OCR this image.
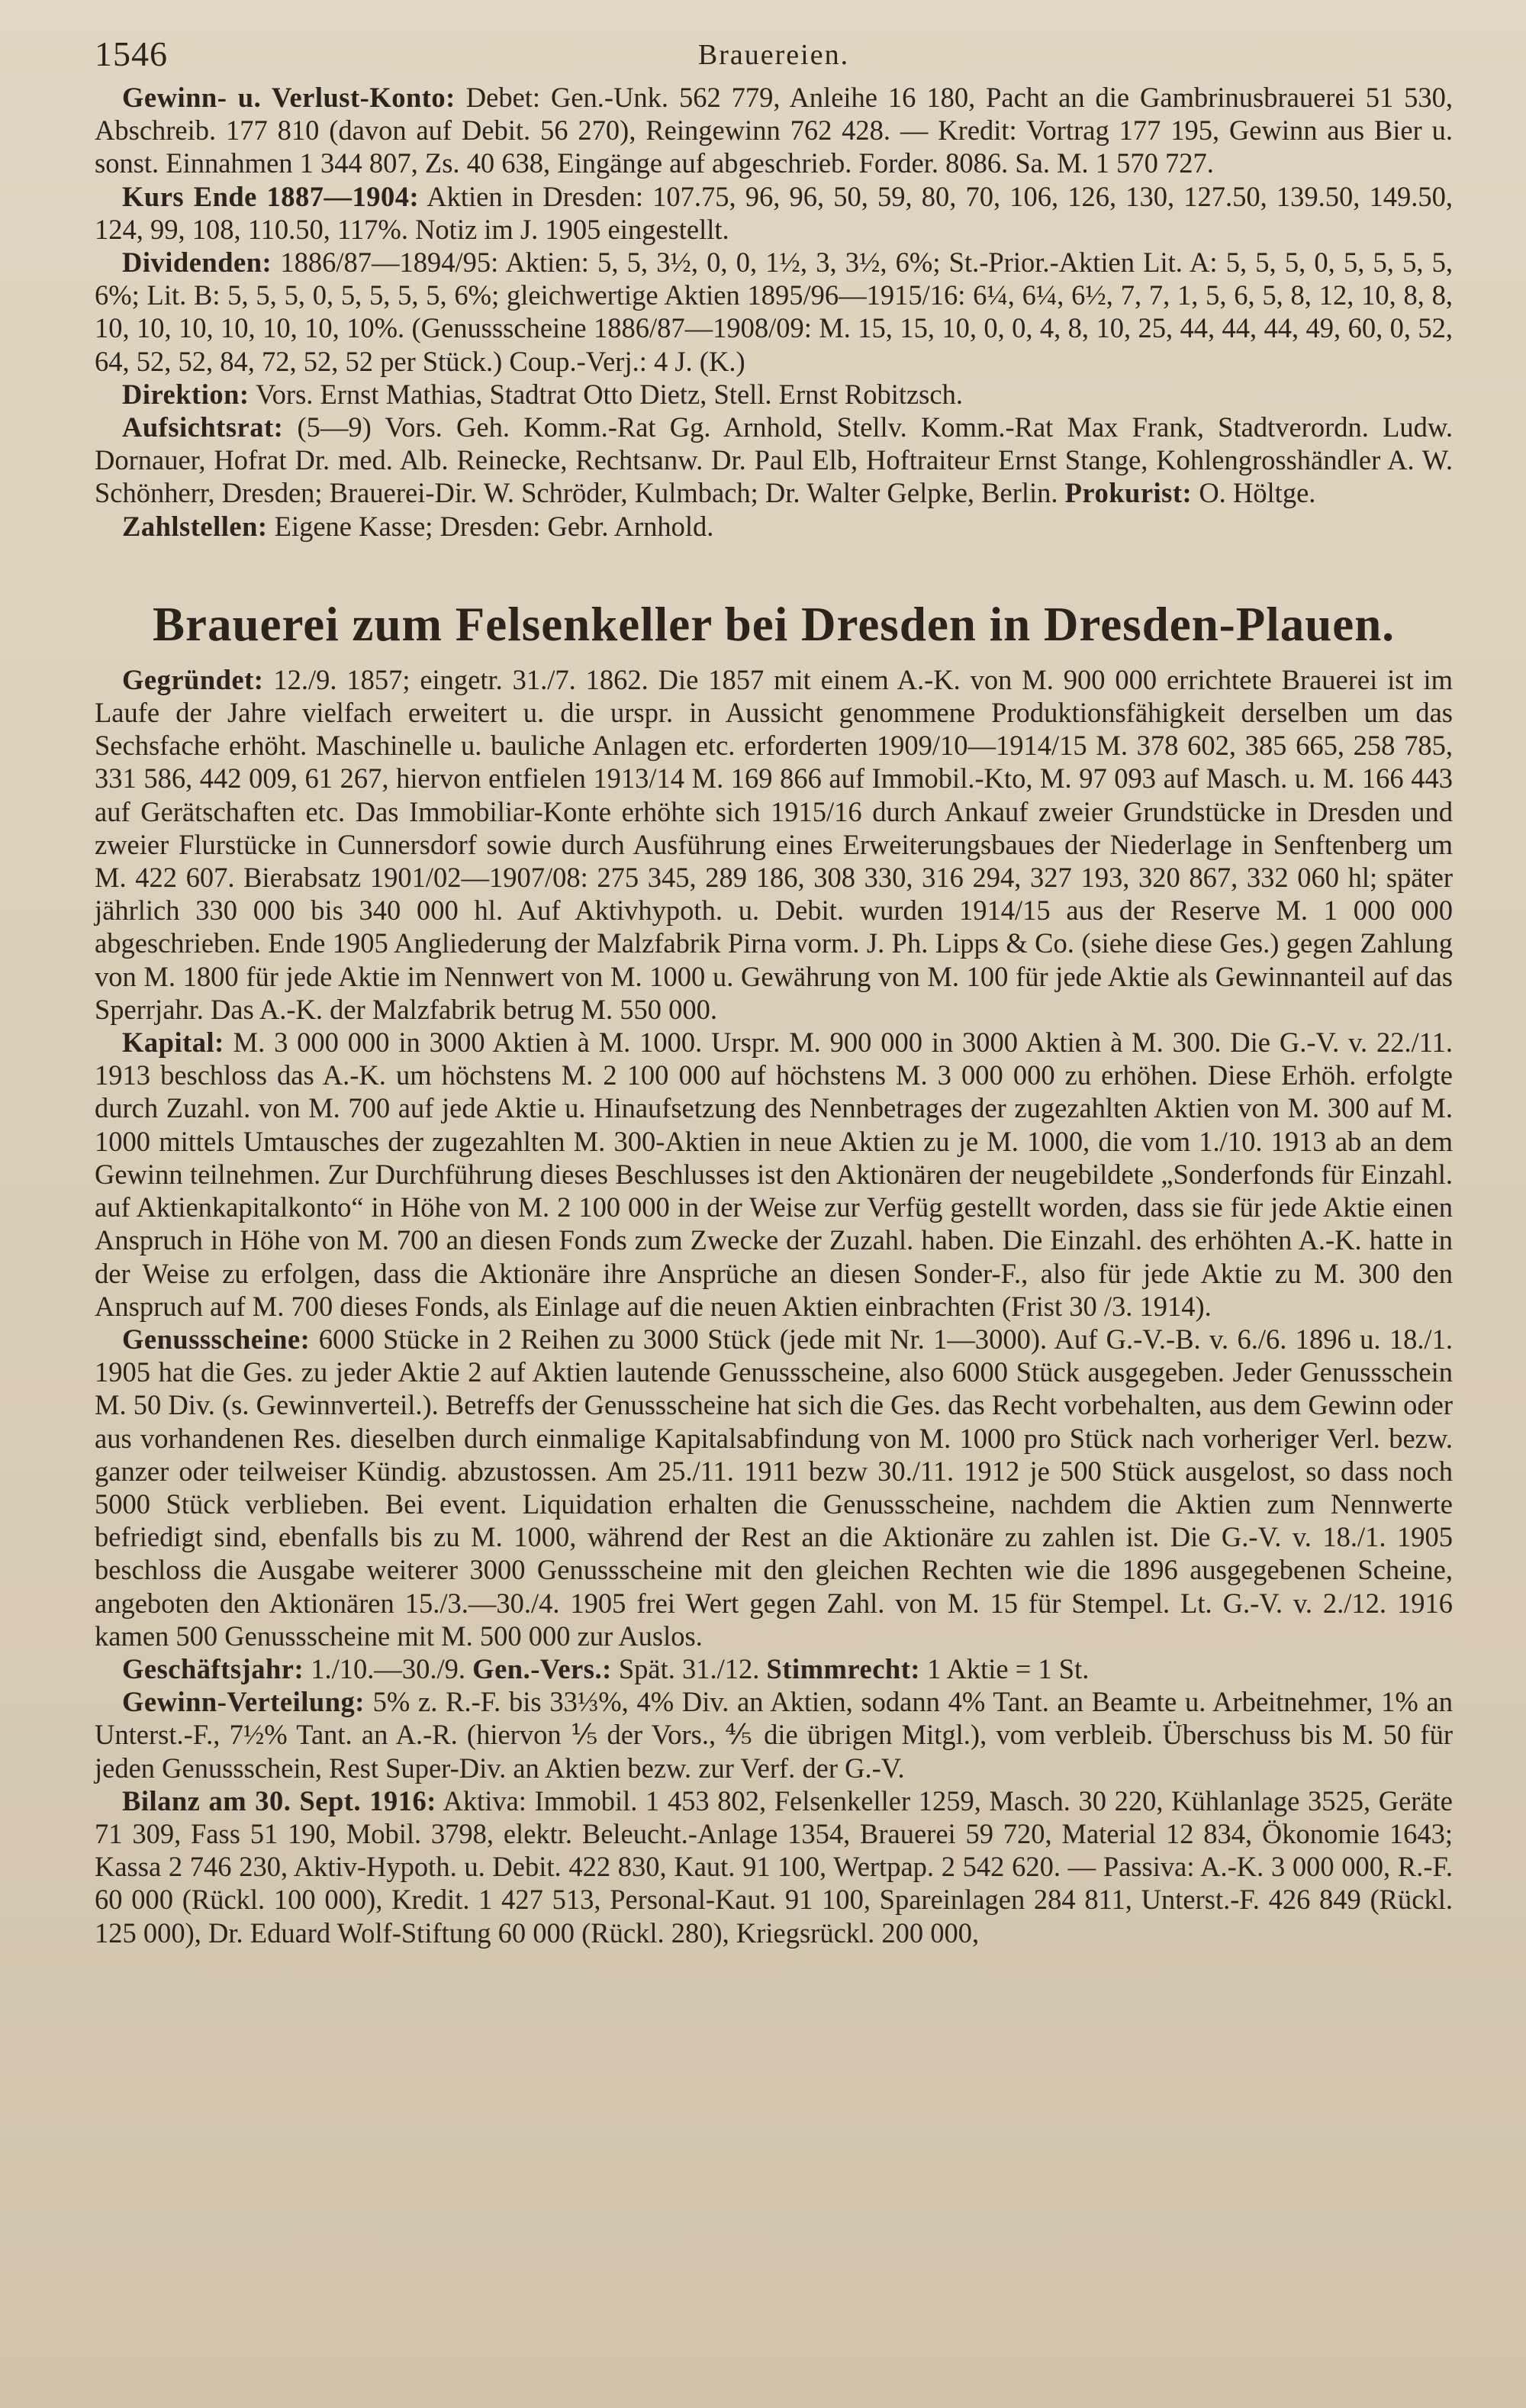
1546	Brauereien.

Gewinn- u. Verlust-Konto: Debet: Gen.-Unk. 562 779, Anleihe 16 180, Pacht an die Gambrinusbrauerei 51 530, Abschreib. 177 810 (davon auf Debit. 56 270), Reingewinn 762 428. — Kredit: Vortrag 177 195, Gewinn aus Bier u. sonst. Einnahmen 1 344 807, Zs. 40 638, Eingänge auf abgeschrieb. Forder. 8086. Sa. M. 1 570 727.

Kurs Ende 1887—1904: Aktien in Dresden: 107.75, 96, 96, 50, 59, 80, 70, 106, 126, 130, 127.50, 139.50, 149.50, 124, 99, 108, 110.50, 117%. Notiz im J. 1905 eingestellt.

Dividenden: 1886/87—1894/95: Aktien: 5, 5, 3½, 0, 0, 1½, 3, 3½, 6%; St.-Prior.-Aktien Lit. A: 5, 5, 5, 0, 5, 5, 5, 5, 6%; Lit. B: 5, 5, 5, 0, 5, 5, 5, 5, 6%; gleichwertige Aktien 1895/96—1915/16: 6¼, 6¼, 6½, 7, 7, 1, 5, 6, 5, 8, 12, 10, 8, 8, 10, 10, 10, 10, 10, 10, 10%. (Genussscheine 1886/87—1908/09: M. 15, 15, 10, 0, 0, 4, 8, 10, 25, 44, 44, 44, 49, 60, 0, 52, 64, 52, 52, 84, 72, 52, 52 per Stück.) Coup.-Verj.: 4 J. (K.)

Direktion: Vors. Ernst Mathias, Stadtrat Otto Dietz, Stell. Ernst Robitzsch.

Aufsichtsrat: (5—9) Vors. Geh. Komm.-Rat Gg. Arnhold, Stellv. Komm.-Rat Max Frank, Stadtverordn. Ludw. Dornauer, Hofrat Dr. med. Alb. Reinecke, Rechtsanw. Dr. Paul Elb, Hoftraiteur Ernst Stange, Kohlengrosshändler A. W. Schönherr, Dresden; Brauerei-Dir. W. Schröder, Kulmbach; Dr. Walter Gelpke, Berlin. Prokurist: O. Höltge.

Zahlstellen: Eigene Kasse; Dresden: Gebr. Arnhold.

Brauerei zum Felsenkeller bei Dresden in Dresden-Plauen.

Gegründet: 12./9. 1857; eingetr. 31./7. 1862. Die 1857 mit einem A.-K. von M. 900 000 errichtete Brauerei ist im Laufe der Jahre vielfach erweitert u. die urspr. in Aussicht genommene Produktionsfähigkeit derselben um das Sechsfache erhöht. Maschinelle u. bauliche Anlagen etc. erforderten 1909/10—1914/15 M. 378 602, 385 665, 258 785, 331 586, 442 009, 61 267, hiervon entfielen 1913/14 M. 169 866 auf Immobil.-Kto, M. 97 093 auf Masch. u. M. 166 443 auf Gerätschaften etc. Das Immobiliar-Konte erhöhte sich 1915/16 durch Ankauf zweier Grundstücke in Dresden und zweier Flurstücke in Cunnersdorf sowie durch Ausführung eines Erweiterungsbaues der Niederlage in Senftenberg um M. 422 607. Bierabsatz 1901/02—1907/08: 275 345, 289 186, 308 330, 316 294, 327 193, 320 867, 332 060 hl; später jährlich 330 000 bis 340 000 hl. Auf Aktivhypoth. u. Debit. wurden 1914/15 aus der Reserve M. 1 000 000 abgeschrieben. Ende 1905 Angliederung der Malzfabrik Pirna vorm. J. Ph. Lipps & Co. (siehe diese Ges.) gegen Zahlung von M. 1800 für jede Aktie im Nennwert von M. 1000 u. Gewährung von M. 100 für jede Aktie als Gewinnanteil auf das Sperrjahr. Das A.-K. der Malzfabrik betrug M. 550 000.

Kapital: M. 3 000 000 in 3000 Aktien à M. 1000. Urspr. M. 900 000 in 3000 Aktien à M. 300. Die G.-V. v. 22./11. 1913 beschloss das A.-K. um höchstens M. 2 100 000 auf höchstens M. 3 000 000 zu erhöhen. Diese Erhöh. erfolgte durch Zuzahl. von M. 700 auf jede Aktie u. Hinaufsetzung des Nennbetrages der zugezahlten Aktien von M. 300 auf M. 1000 mittels Umtausches der zugezahlten M. 300-Aktien in neue Aktien zu je M. 1000, die vom 1./10. 1913 ab an dem Gewinn teilnehmen. Zur Durchführung dieses Beschlusses ist den Aktionären der neugebildete „Sonderfonds für Einzahl. auf Aktienkapitalkonto“ in Höhe von M. 2 100 000 in der Weise zur Verfüg gestellt worden, dass sie für jede Aktie einen Anspruch in Höhe von M. 700 an diesen Fonds zum Zwecke der Zuzahl. haben. Die Einzahl. des erhöhten A.-K. hatte in der Weise zu erfolgen, dass die Aktionäre ihre Ansprüche an diesen Sonder-F., also für jede Aktie zu M. 300 den Anspruch auf M. 700 dieses Fonds, als Einlage auf die neuen Aktien einbrachten (Frist 30 /3. 1914).

Genussscheine: 6000 Stücke in 2 Reihen zu 3000 Stück (jede mit Nr. 1—3000). Auf G.-V.-B. v. 6./6. 1896 u. 18./1. 1905 hat die Ges. zu jeder Aktie 2 auf Aktien lautende Genussscheine, also 6000 Stück ausgegeben. Jeder Genussschein M. 50 Div. (s. Gewinnverteil.). Betreffs der Genussscheine hat sich die Ges. das Recht vorbehalten, aus dem Gewinn oder aus vorhandenen Res. dieselben durch einmalige Kapitalsabfindung von M. 1000 pro Stück nach vorheriger Verl. bezw. ganzer oder teilweiser Kündig. abzustossen. Am 25./11. 1911 bezw 30./11. 1912 je 500 Stück ausgelost, so dass noch 5000 Stück verblieben. Bei event. Liquidation erhalten die Genussscheine, nachdem die Aktien zum Nennwerte befriedigt sind, ebenfalls bis zu M. 1000, während der Rest an die Aktionäre zu zahlen ist. Die G.-V. v. 18./1. 1905 beschloss die Ausgabe weiterer 3000 Genussscheine mit den gleichen Rechten wie die 1896 ausgegebenen Scheine, angeboten den Aktionären 15./3.—30./4. 1905 frei Wert gegen Zahl. von M. 15 für Stempel. Lt. G.-V. v. 2./12. 1916 kamen 500 Genussscheine mit M. 500 000 zur Auslos.

Geschäftsjahr: 1./10.—30./9. Gen.-Vers.: Spät. 31./12. Stimmrecht: 1 Aktie = 1 St.

Gewinn-Verteilung: 5% z. R.-F. bis 33⅓%, 4% Div. an Aktien, sodann 4% Tant. an Beamte u. Arbeitnehmer, 1% an Unterst.-F., 7½% Tant. an A.-R. (hiervon ⅕ der Vors., ⅘ die übrigen Mitgl.), vom verbleib. Überschuss bis M. 50 für jeden Genussschein, Rest Super-Div. an Aktien bezw. zur Verf. der G.-V.

Bilanz am 30. Sept. 1916: Aktiva: Immobil. 1 453 802, Felsenkeller 1259, Masch. 30 220, Kühlanlage 3525, Geräte 71 309, Fass 51 190, Mobil. 3798, elektr. Beleucht.-Anlage 1354, Brauerei 59 720, Material 12 834, Ökonomie 1643; Kassa 2 746 230, Aktiv-Hypoth. u. Debit. 422 830, Kaut. 91 100, Wertpap. 2 542 620. — Passiva: A.-K. 3 000 000, R.-F. 60 000 (Rückl. 100 000), Kredit. 1 427 513, Personal-Kaut. 91 100, Spareinlagen 284 811, Unterst.-F. 426 849 (Rückl. 125 000), Dr. Eduard Wolf-Stiftung 60 000 (Rückl. 280), Kriegsrückl. 200 000,
